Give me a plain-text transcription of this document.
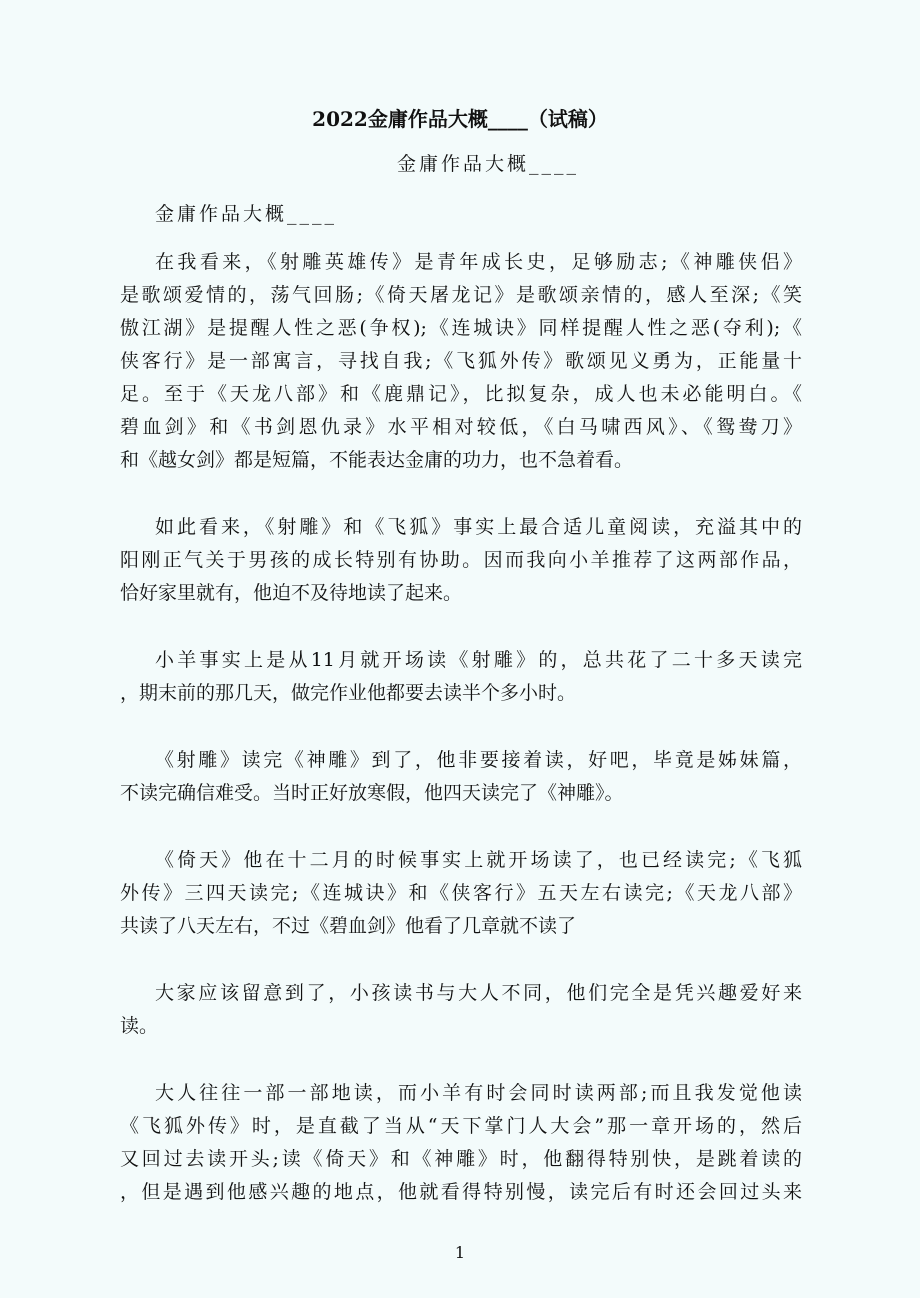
2022金庸作品大概____（试稿）
金庸作品大概____
金庸作品大概____
在我看来，《射雕英雄传》是青年成长史，足够励志;《神雕侠侣》
是歌颂爱情的，荡气回肠;《倚天屠龙记》是歌颂亲情的，感人至深;《笑
傲江湖》是提醒人性之恶(争权);《连城诀》同样提醒人性之恶(夺利);《
侠客行》是一部寓言，寻找自我;《飞狐外传》歌颂见义勇为，正能量十
足。至于《天龙八部》和《鹿鼎记》，比拟复杂，成人也未必能明白。《
碧血剑》和《书剑恩仇录》水平相对较低，《白马啸西风》、《鸳鸯刀》
和《越女剑》都是短篇，不能表达金庸的功力，也不急着看。
如此看来，《射雕》和《飞狐》事实上最合适儿童阅读，充溢其中的
阳刚正气关于男孩的成长特别有协助。因而我向小羊推荐了这两部作品，
恰好家里就有，他迫不及待地读了起来。
小羊事实上是从11月就开场读《射雕》的，总共花了二十多天读完
，期末前的那几天，做完作业他都要去读半个多小时。
《射雕》读完《神雕》到了，他非要接着读，好吧，毕竟是姊妹篇，
不读完确信难受。当时正好放寒假，他四天读完了《神雕》。
《倚天》他在十二月的时候事实上就开场读了，也已经读完;《飞狐
外传》三四天读完;《连城诀》和《侠客行》五天左右读完;《天龙八部》
共读了八天左右，不过《碧血剑》他看了几章就不读了
大家应该留意到了，小孩读书与大人不同，他们完全是凭兴趣爱好来
读。
大人往往一部一部地读，而小羊有时会同时读两部;而且我发觉他读
《飞狐外传》时，是直截了当从“天下掌门人大会”那一章开场的，然后
又回过去读开头;读《倚天》和《神雕》时，他翻得特别快，是跳着读的
，但是遇到他感兴趣的地点，他就看得特别慢，读完后有时还会回过头来
1
